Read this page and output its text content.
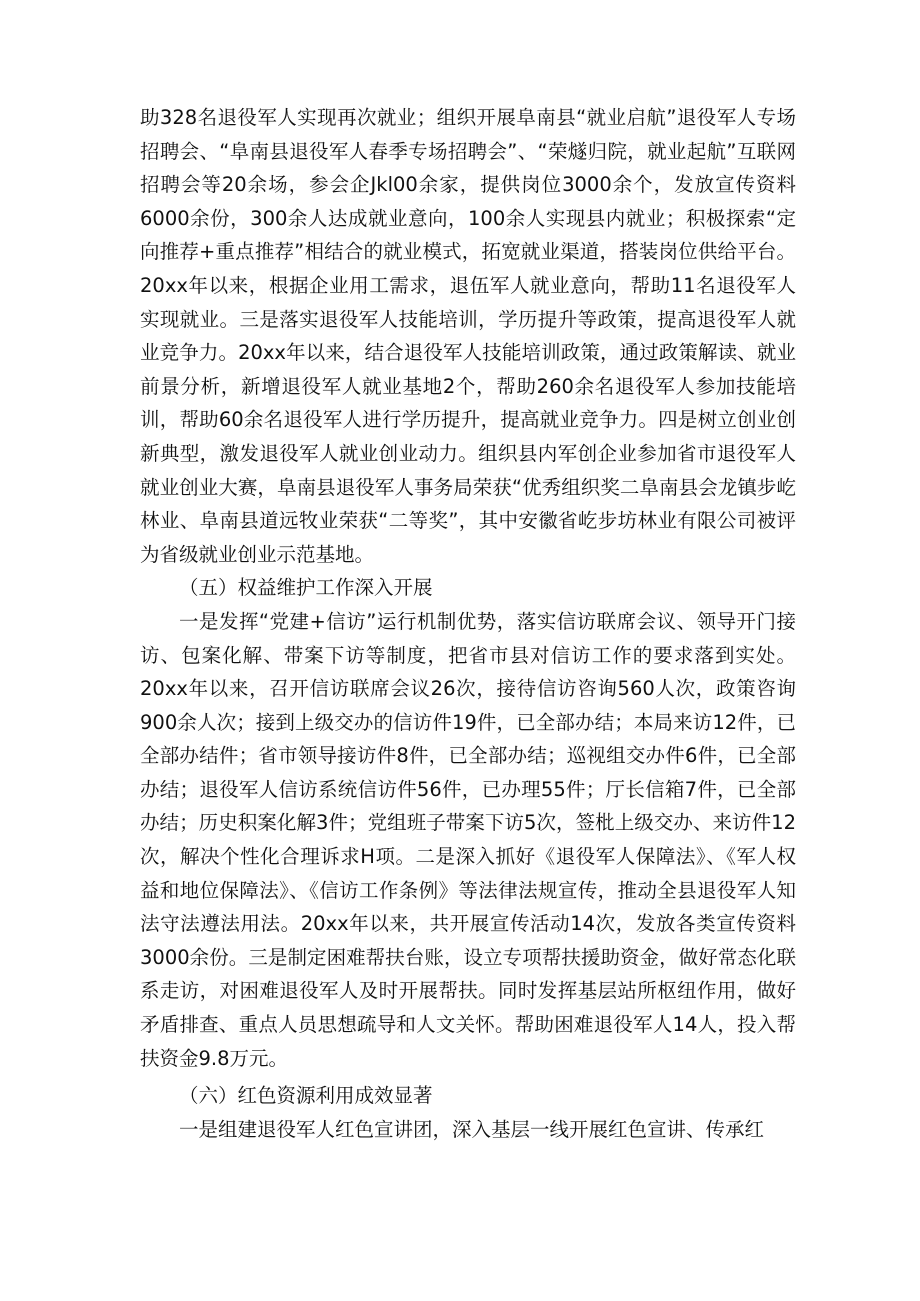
助328名退役军人实现再次就业；组织开展阜南县“就业启航”退役军人专场招聘会、“阜南县退役军人春季专场招聘会”、“荣燧归院，就业起航”互联网招聘会等20余场，参会企Jkl00余家，提供岗位3000余个，发放宣传资料6000余份，300余人达成就业意向，100余人实现县内就业；积极探索“定向推荐+重点推荐”相结合的就业模式，拓宽就业渠道，搭装岗位供给平台。20xx年以来，根据企业用工需求，退伍军人就业意向，帮助11名退役军人实现就业。三是落实退役军人技能培训，学历提升等政策，提高退役军人就业竞争力。20xx年以来，结合退役军人技能培训政策，通过政策解读、就业前景分析，新增退役军人就业基地2个，帮助260余名退役军人参加技能培训，帮助60余名退役军人进行学历提升，提高就业竞争力。四是树立创业创新典型，激发退役军人就业创业动力。组织县内军创企业参加省市退役军人就业创业大赛，阜南县退役军人事务局荣获“优秀组织奖二阜南县会龙镇步屹林业、阜南县道远牧业荣获“二等奖”，其中安徽省屹步坊林业有限公司被评为省级就业创业示范基地。

（五）权益维护工作深入开展

一是发挥“党建+信访”运行机制优势，落实信访联席会议、领导开门接访、包案化解、带案下访等制度，把省市县对信访工作的要求落到实处。20xx年以来，召开信访联席会议26次，接待信访咨询560人次，政策咨询900余人次；接到上级交办的信访件19件，已全部办结；本局来访12件，已全部办结件；省市领导接访件8件，已全部办结；巡视组交办件6件，已全部办结；退役军人信访系统信访件56件，已办理55件；厅长信箱7件，已全部办结；历史积案化解3件；党组班子带案下访5次，签枇上级交办、来访件12次，解决个性化合理诉求H项。二是深入抓好《退役军人保障法》、《军人权益和地位保障法》、《信访工作条例》等法律法规宣传，推动全县退役军人知法守法遵法用法。20xx年以来，共开展宣传活动14次，发放各类宣传资料3000余份。三是制定困难帮扶台账，设立专项帮扶援助资金，做好常态化联系走访，对困难退役军人及时开展帮扶。同时发挥基层站所枢纽作用，做好矛盾排查、重点人员思想疏导和人文关怀。帮助困难退役军人14人，投入帮扶资金9.8万元。

（六）红色资源利用成效显著

一是组建退役军人红色宣讲团，深入基层一线开展红色宣讲、传承红
